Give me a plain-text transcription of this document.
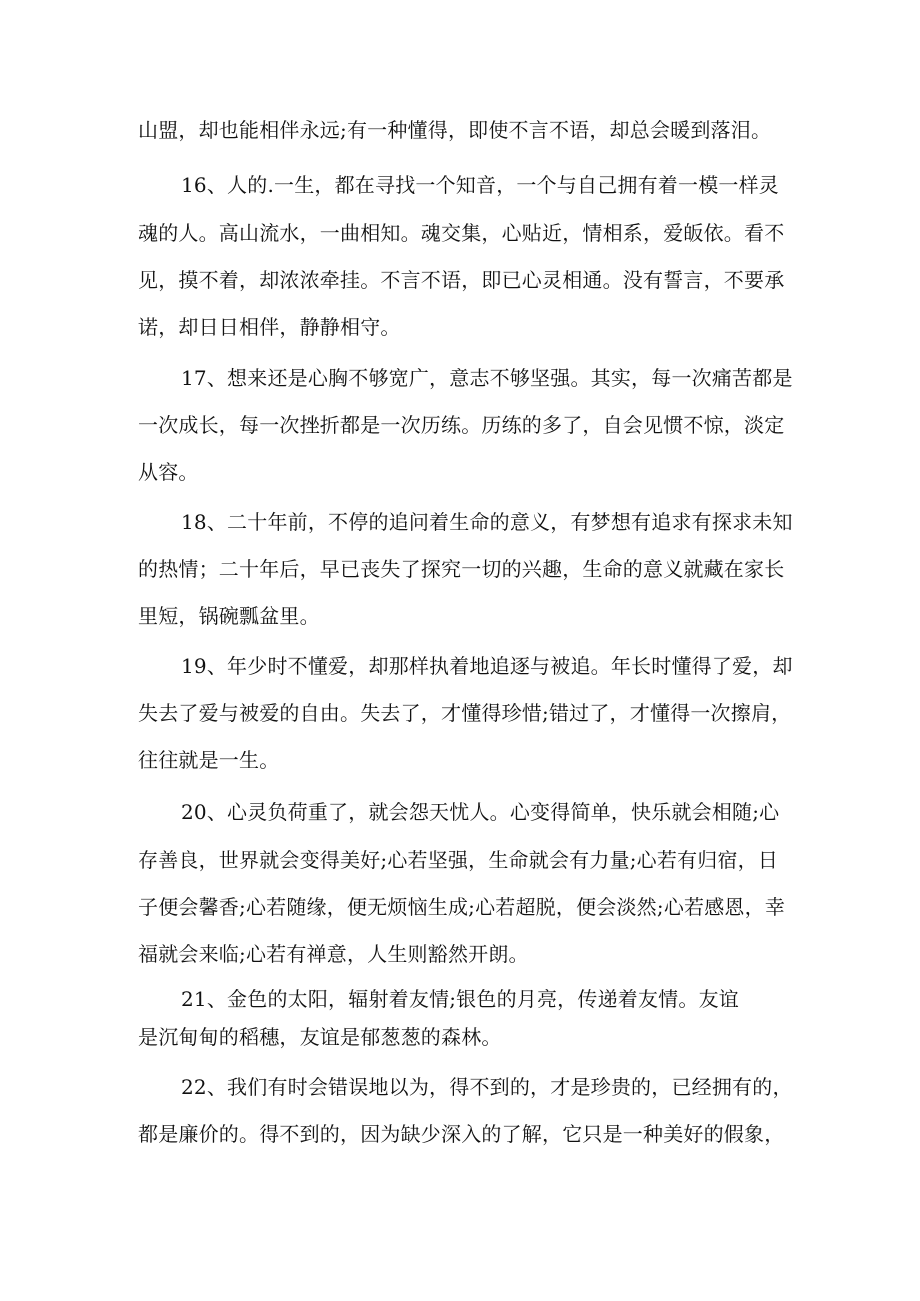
山盟，却也能相伴永远;有一种懂得，即使不言不语，却总会暖到落泪。
16、人的.一生，都在寻找一个知音，一个与自己拥有着一模一样灵
魂的人。高山流水，一曲相知。魂交集，心贴近，情相系，爱皈依。看不
见，摸不着，却浓浓牵挂。不言不语，即已心灵相通。没有誓言，不要承
诺，却日日相伴，静静相守。
17、想来还是心胸不够宽广，意志不够坚强。其实，每一次痛苦都是
一次成长，每一次挫折都是一次历练。历练的多了，自会见惯不惊，淡定
从容。
18、二十年前，不停的追问着生命的意义，有梦想有追求有探求未知
的热情；二十年后，早已丧失了探究一切的兴趣，生命的意义就藏在家长
里短，锅碗瓢盆里。
19、年少时不懂爱，却那样执着地追逐与被追。年长时懂得了爱，却
失去了爱与被爱的自由。失去了，才懂得珍惜;错过了，才懂得一次擦肩，
往往就是一生。
20、心灵负荷重了，就会怨天忧人。心变得简单，快乐就会相随;心
存善良，世界就会变得美好;心若坚强，生命就会有力量;心若有归宿，日
子便会馨香;心若随缘，便无烦恼生成;心若超脱，便会淡然;心若感恩，幸
福就会来临;心若有禅意，人生则豁然开朗。
21、金色的太阳，辐射着友情;银色的月亮，传递着友情。友谊
是沉甸甸的稻穗，友谊是郁葱葱的森林。
22、我们有时会错误地以为，得不到的，才是珍贵的，已经拥有的，
都是廉价的。得不到的，因为缺少深入的了解，它只是一种美好的假象，
